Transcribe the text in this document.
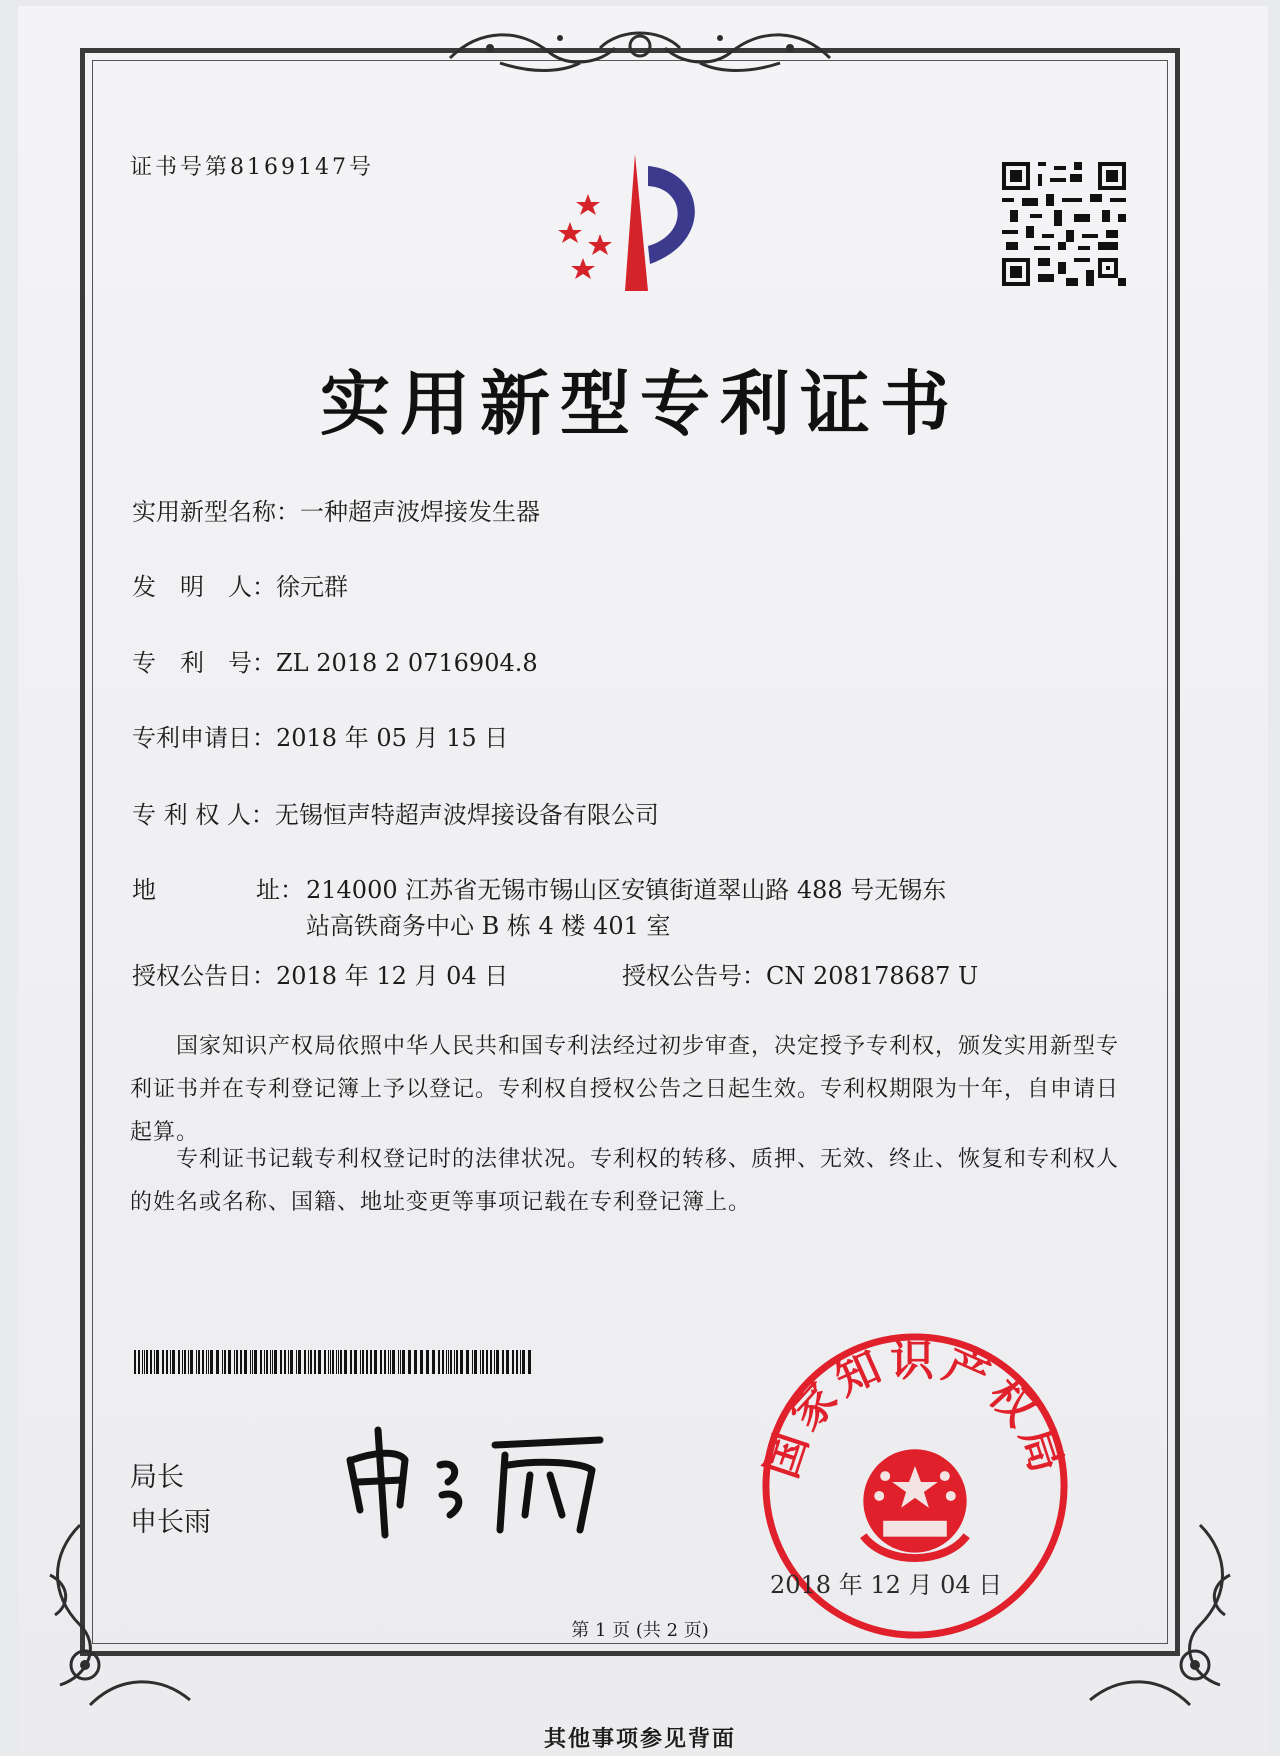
证书号第8169147号
实用新型专利证书
实用新型名称：一种超声波焊接发生器
发　明　人：徐元群
专　利　号：ZL 2018 2 0716904.8
专利申请日：2018 年 05 月 15 日
专 利 权 人：无锡恒声特超声波焊接设备有限公司
地	址： 214000 江苏省无锡市锡山区安镇街道翠山路 488 号无锡东
站高铁商务中心 B 栋 4 楼 401 室
授权公告日：2018 年 12 月 04 日	授权公告号：CN 208178687 U
　　国家知识产权局依照中华人民共和国专利法经过初步审查，决定授予专利权，颁发实用新型专利证书并在专利登记簿上予以登记。专利权自授权公告之日起生效。专利权期限为十年，自申请日起算。
　　专利证书记载专利权登记时的法律状况。专利权的转移、质押、无效、终止、恢复和专利权人的姓名或名称、国籍、地址变更等事项记载在专利登记簿上。
局长
申长雨
国家知识产权局
2018 年 12 月 04 日
第 1 页 (共 2 页)
其他事项参见背面
